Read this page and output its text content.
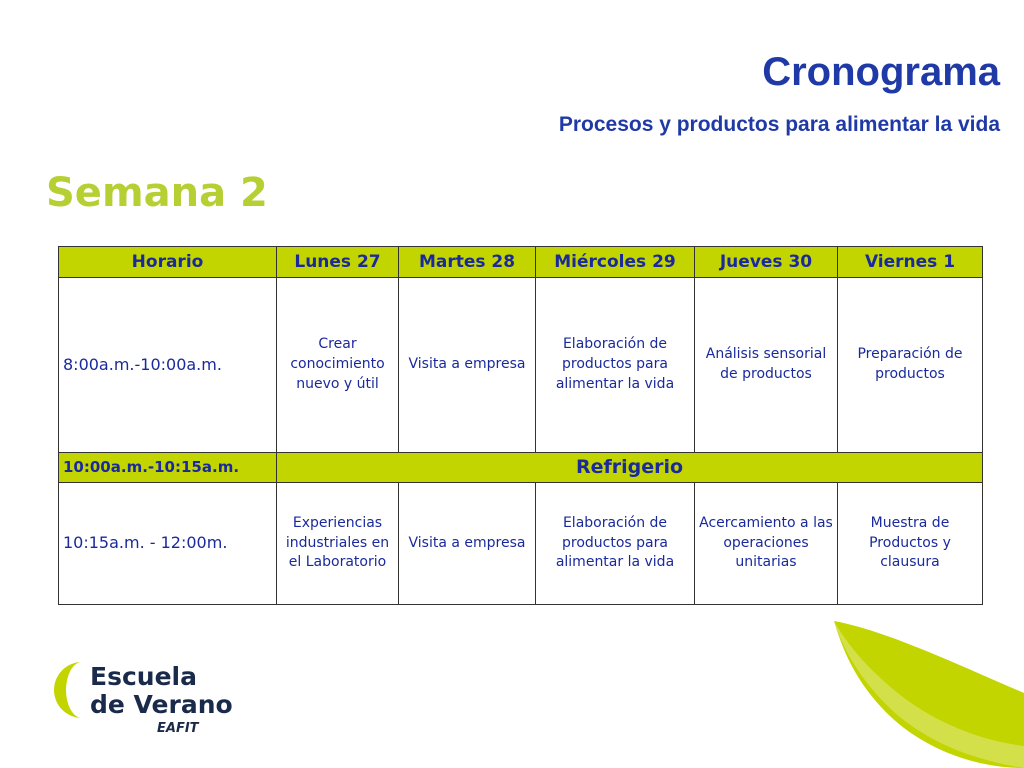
Cronograma
Procesos y productos para alimentar la vida
Semana 2
Horario	Lunes 27	Martes 28	Miércoles 29	Jueves 30	Viernes 1
8:00a.m.-10:00a.m.	Crear conocimiento nuevo y útil	Visita a empresa	Elaboración de productos para alimentar la vida	Análisis sensorial de productos	Preparación de productos
10:00a.m.-10:15a.m.	Refrigerio				
10:15a.m. - 12:00m.	Experiencias industriales en el Laboratorio	Visita a empresa	Elaboración de productos para alimentar la vida	Acercamiento a las operaciones unitarias	Muestra de Productos y clausura
Escuela
de Verano
EAFIT
